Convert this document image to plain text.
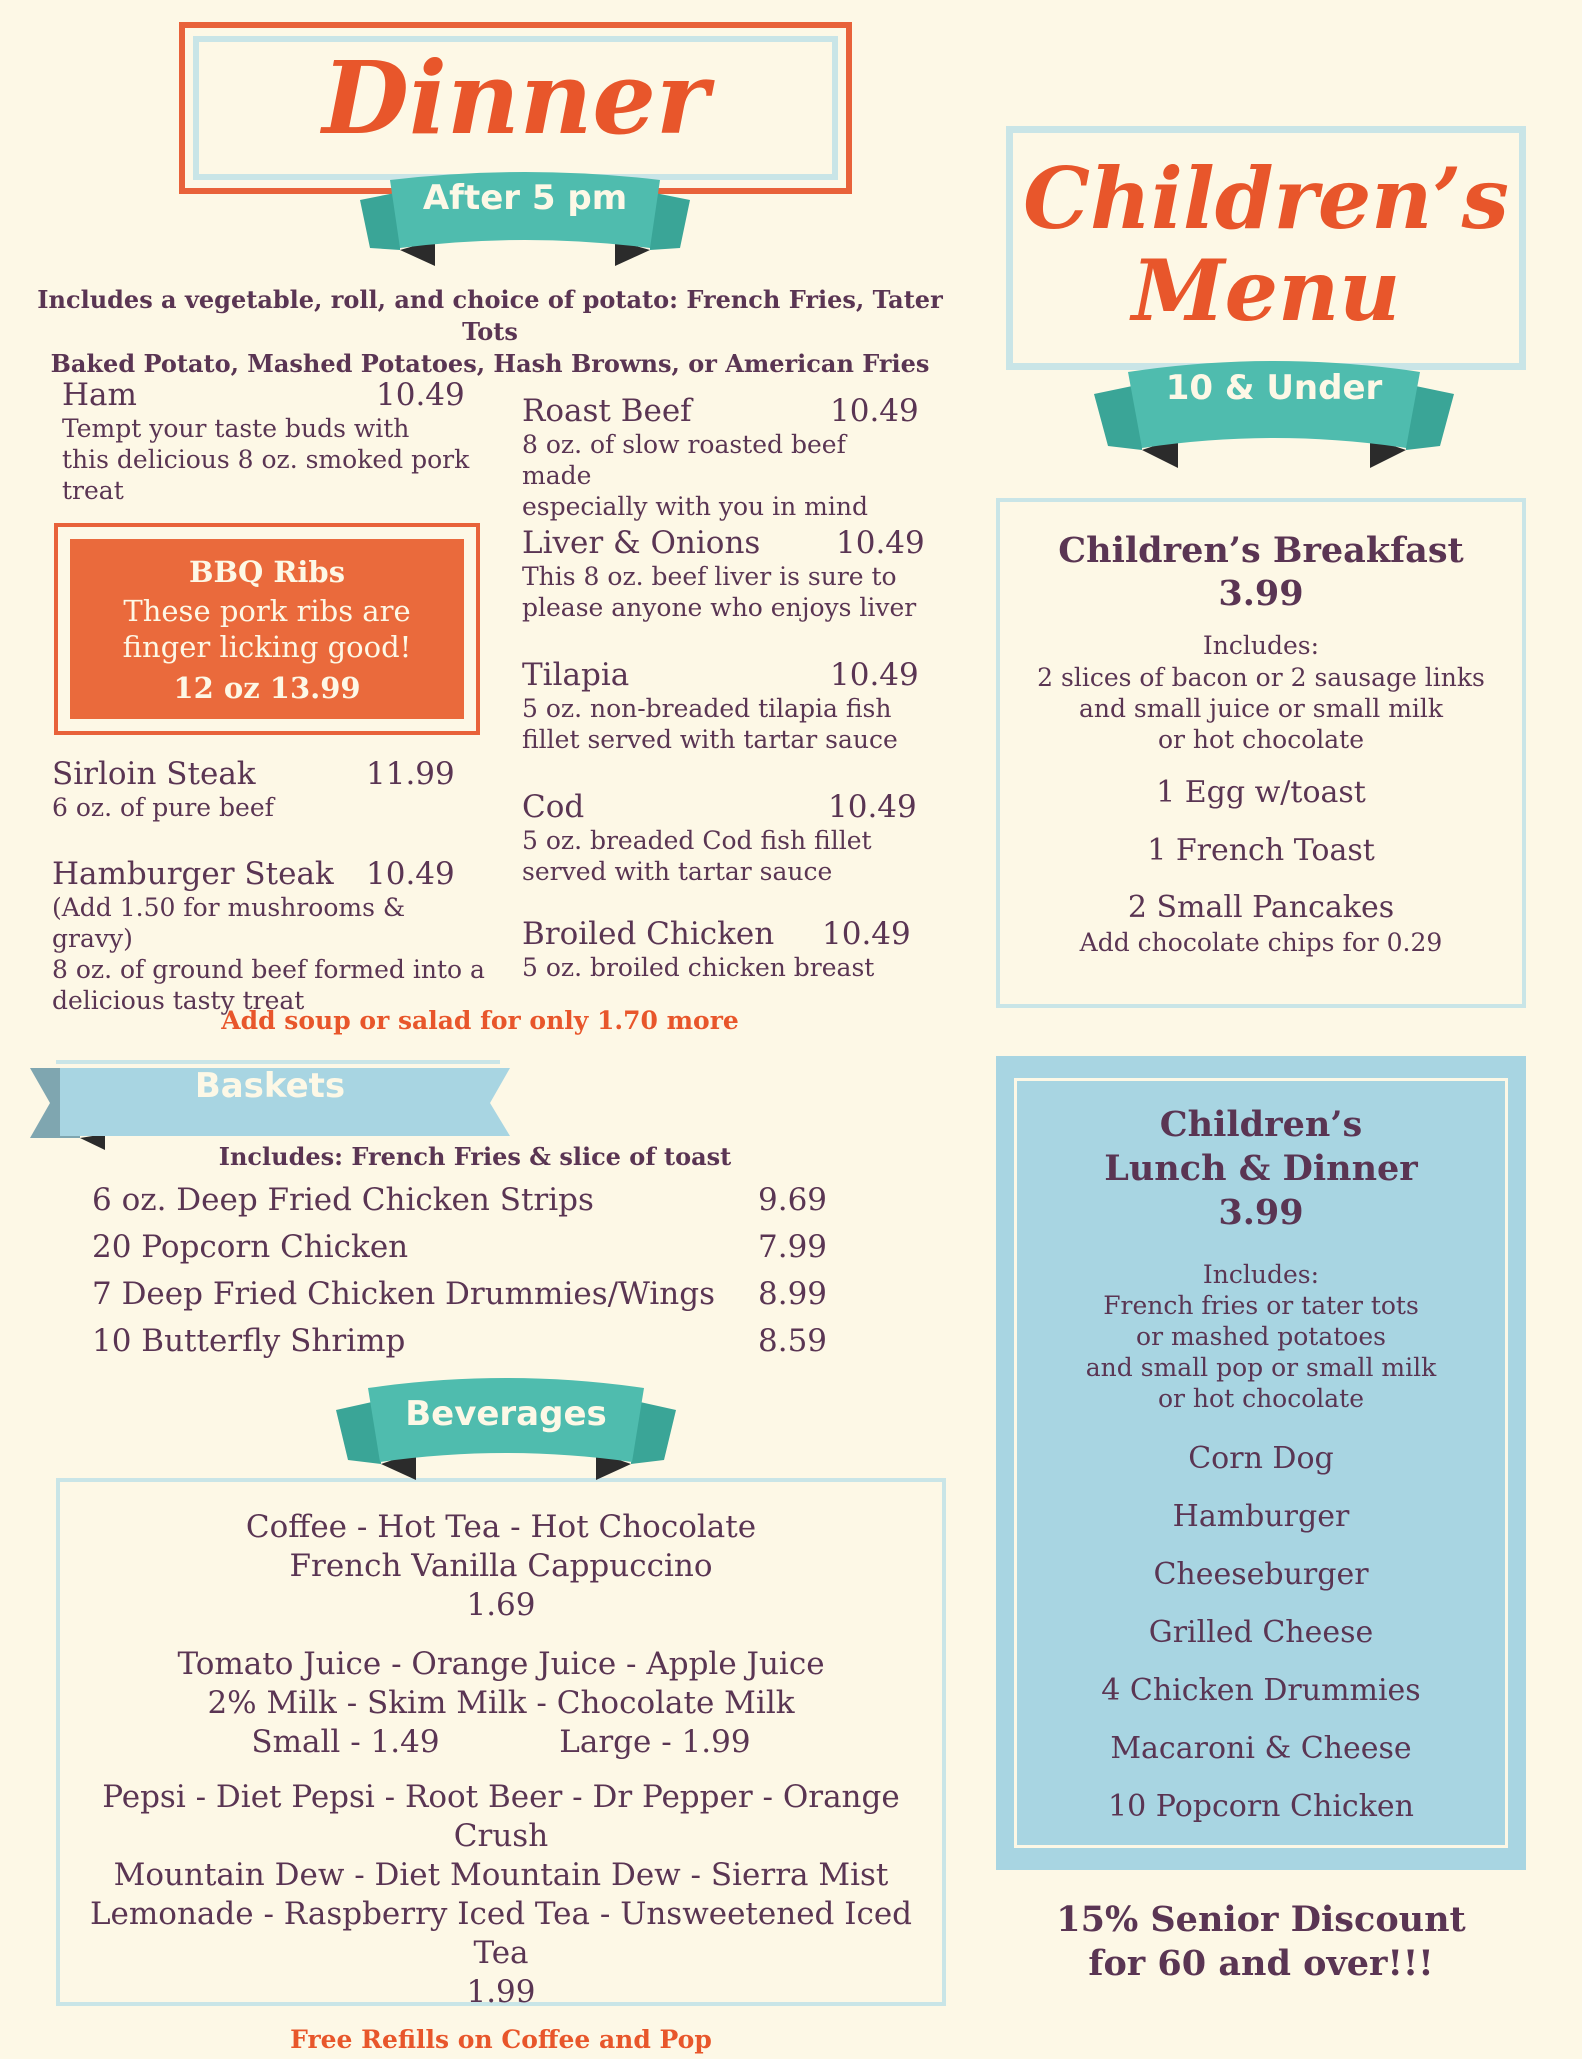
Dinner
After 5 pm
Includes a vegetable, roll, and choice of potato: French Fries, Tater Tots
Baked Potato, Mashed Potatoes, Hash Browns, or American Fries
Ham	10.49
Tempt your taste buds with
this delicious 8 oz. smoked pork
treat
BBQ Ribs
These pork ribs are
finger licking good!
12 oz 13.99
Sirloin Steak	11.99
6 oz. of pure beef
Hamburger Steak	10.49
(Add 1.50 for mushrooms & gravy)
8 oz. of ground beef formed into a
delicious tasty treat
Roast Beef	10.49
8 oz. of slow roasted beef made
especially with you in mind
Liver & Onions	10.49
This 8 oz. beef liver is sure to
please anyone who enjoys liver
Tilapia	10.49
5 oz. non-breaded tilapia fish
fillet served with tartar sauce
Cod	10.49
5 oz. breaded Cod fish fillet
served with tartar sauce
Broiled Chicken	10.49
5 oz. broiled chicken breast
Add soup or salad for only 1.70 more
Baskets
Includes: French Fries & slice of toast
6 oz. Deep Fried Chicken Strips	9.69
20 Popcorn Chicken	7.99
7 Deep Fried Chicken Drummies/Wings 8.99
10 Butterfly Shrimp	8.59
Beverages
Coffee - Hot Tea - Hot Chocolate
French Vanilla Cappuccino
1.69
Tomato Juice - Orange Juice - Apple Juice
2% Milk - Skim Milk - Chocolate Milk
Small - 1.49	Large - 1.99
Pepsi - Diet Pepsi - Root Beer - Dr Pepper - Orange Crush
Mountain Dew - Diet Mountain Dew - Sierra Mist
Lemonade - Raspberry Iced Tea - Unsweetened Iced Tea
1.99
Free Refills on Coffee and Pop
Children’s
Menu
10 & Under
Children’s Breakfast
3.99
Includes:
2 slices of bacon or 2 sausage links
and small juice or small milk
or hot chocolate
1 Egg w/toast
1 French Toast
2 Small Pancakes
Add chocolate chips for 0.29
Children’s
Lunch & Dinner
3.99
Includes:
French fries or tater tots
or mashed potatoes
and small pop or small milk
or hot chocolate
Corn Dog
Hamburger
Cheeseburger
Grilled Cheese
4 Chicken Drummies
Macaroni & Cheese
10 Popcorn Chicken
15% Senior Discount
for 60 and over!!!
